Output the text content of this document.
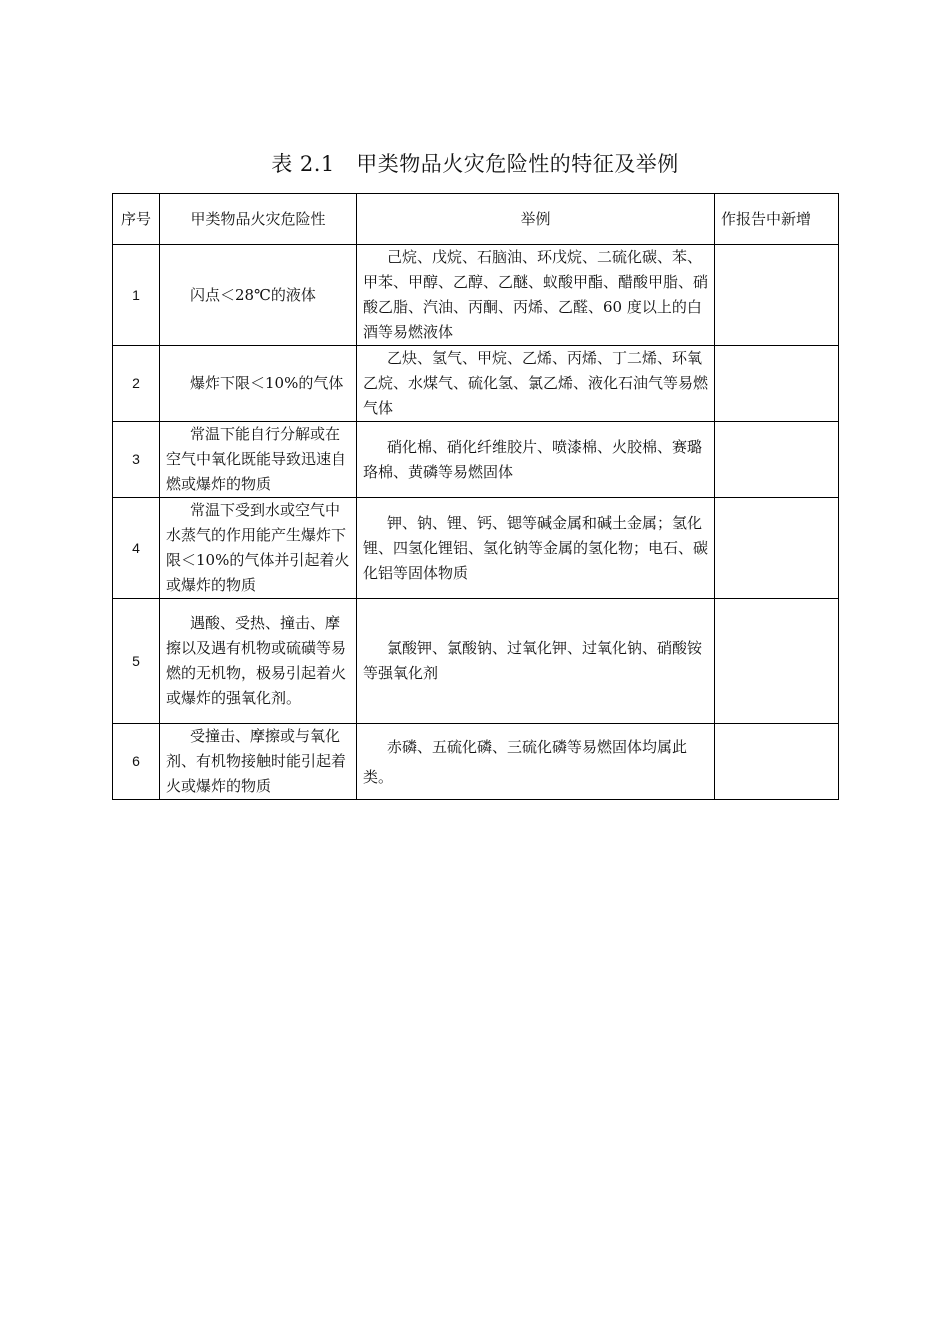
表 2.1　甲类物品火灾危险性的特征及举例
序号	甲类物品火灾危险性	举例	作报告中新增
1	闪点＜28℃的液体	己烷、戊烷、石脑油、环戊烷、二硫化碳、苯、甲苯、甲醇、乙醇、乙醚、蚁酸甲酯、醋酸甲脂、硝酸乙脂、汽油、丙酮、丙烯、乙醛、60 度以上的白酒等易燃液体	

2	爆炸下限＜10%的气体	乙炔、氢气、甲烷、乙烯、丙烯、丁二烯、环氧乙烷、水煤气、硫化氢、氯乙烯、液化石油气等易燃气体	

3	常温下能自行分解或在空气中氧化既能导致迅速自燃或爆炸的物质	硝化棉、硝化纤维胶片、喷漆棉、火胶棉、赛璐珞棉、黄磷等易燃固体	

4	常温下受到水或空气中水蒸气的作用能产生爆炸下限＜10%的气体并引起着火或爆炸的物质	钾、钠、锂、钙、锶等碱金属和碱土金属；氢化锂、四氢化锂铝、氢化钠等金属的氢化物；电石、碳化铝等固体物质	

5	遇酸、受热、撞击、摩擦以及遇有机物或硫磺等易燃的无机物，极易引起着火或爆炸的强氧化剂。	氯酸钾、氯酸钠、过氧化钾、过氧化钠、硝酸铵等强氧化剂	

6	受撞击、摩擦或与氧化剂、有机物接触时能引起着火或爆炸的物质	赤磷、五硫化磷、三硫化磷等易燃固体均属此类。	
